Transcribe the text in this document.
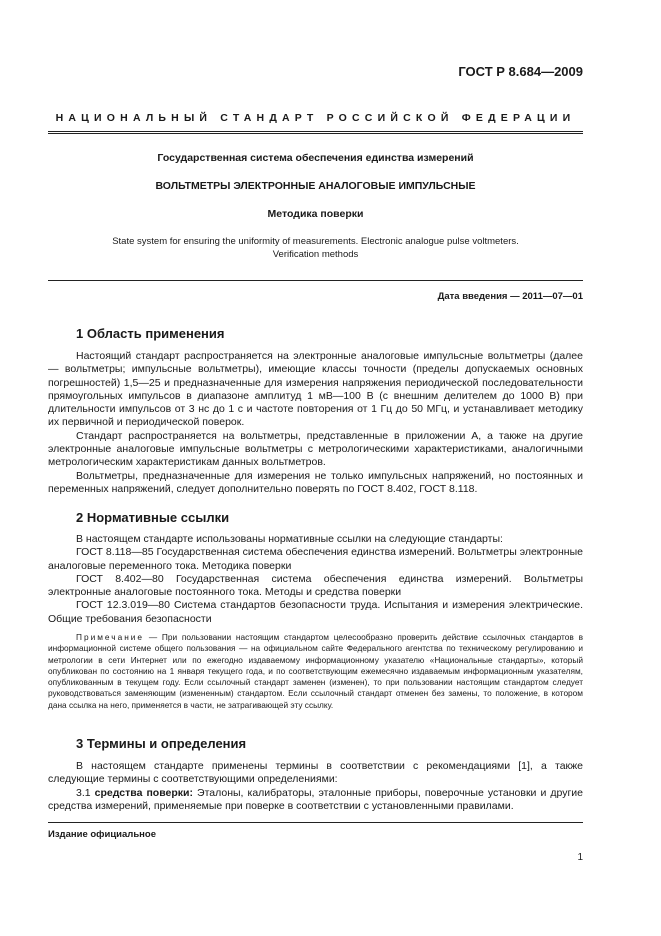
ГОСТ Р 8.684—2009
НАЦИОНАЛЬНЫЙ СТАНДАРТ РОССИЙСКОЙ ФЕДЕРАЦИИ
Государственная система обеспечения единства измерений
ВОЛЬТМЕТРЫ ЭЛЕКТРОННЫЕ АНАЛОГОВЫЕ ИМПУЛЬСНЫЕ
Методика поверки
State system for ensuring the uniformity of measurements. Electronic analogue pulse voltmeters.
Verification methods
Дата введения — 2011—07—01
1 Область применения

Настоящий стандарт распространяется на электронные аналоговые импульсные вольтметры (далее — вольтметры; импульсные вольтметры), имеющие классы точности (пределы допускаемых основных погрешностей) 1,5—25 и предназначенные для измерения напряжения периодической последовательности прямоугольных импульсов в диапазоне амплитуд 1 мВ—100 В (с внешним делителем до 1000 В) при длительности импульсов от 3 нс до 1 с и частоте повторения от 1 Гц до 50 МГц, и устанавливает методику их первичной и периодической поверок.

Стандарт распространяется на вольтметры, представленные в приложении А, а также на другие электронные аналоговые импульсные вольтметры с метрологическими характеристиками, аналогичными метрологическим характеристикам данных вольтметров.

Вольтметры, предназначенные для измерения не только импульсных напряжений, но постоянных и переменных напряжений, следует дополнительно поверять по ГОСТ 8.402, ГОСТ 8.118.

2 Нормативные ссылки

В настоящем стандарте использованы нормативные ссылки на следующие стандарты:

ГОСТ 8.118—85 Государственная система обеспечения единства измерений. Вольтметры электронные аналоговые переменного тока. Методика поверки

ГОСТ 8.402—80 Государственная система обеспечения единства измерений. Вольтметры электронные аналоговые постоянного тока. Методы и средства поверки

ГОСТ 12.3.019—80 Система стандартов безопасности труда. Испытания и измерения электрические. Общие требования безопасности

Примечание — При пользовании настоящим стандартом целесообразно проверить действие ссылочных стандартов в информационной системе общего пользования — на официальном сайте Федерального агентства по техническому регулированию и метрологии в сети Интернет или по ежегодно издаваемому информационному указателю «Национальные стандарты», который опубликован по состоянию на 1 января текущего года, и по соответствующим ежемесячно издаваемым информационным указателям, опубликованным в текущем году. Если ссылочный стандарт заменен (изменен), то при пользовании настоящим стандартом следует руководствоваться заменяющим (измененным) стандартом. Если ссылочный стандарт отменен без замены, то положение, в котором дана ссылка на него, применяется в части, не затрагивающей эту ссылку.

3 Термины и определения

В настоящем стандарте применены термины в соответствии с рекомендациями [1], а также следующие термины с соответствующими определениями:

3.1 средства поверки: Эталоны, калибраторы, эталонные приборы, поверочные установки и другие средства измерений, применяемые при поверке в соответствии с установленными правилами.

Издание официальное
1
